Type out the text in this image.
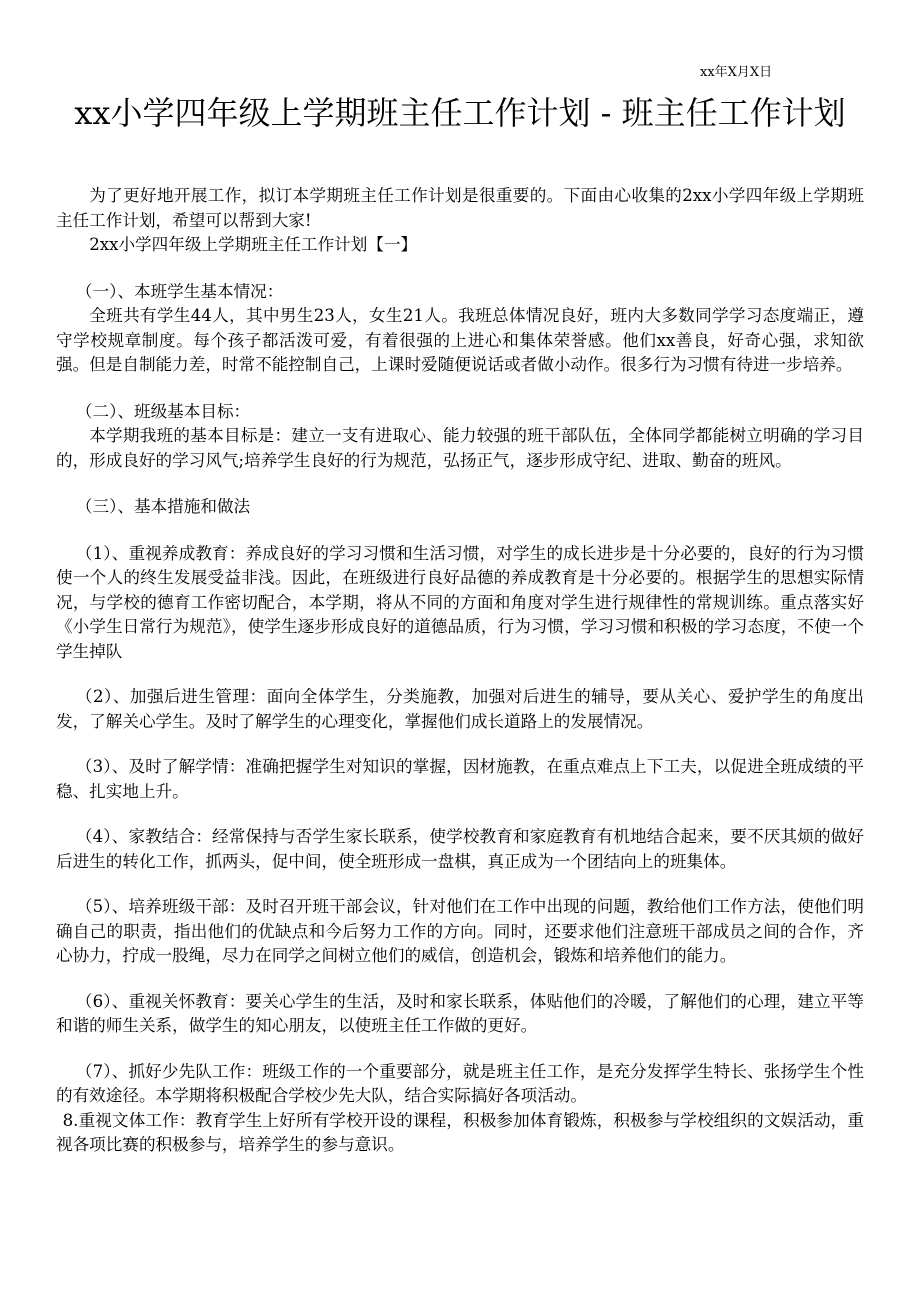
xx年X月X日
xx小学四年级上学期班主任工作计划 - 班主任工作计划

为了更好地开展工作，拟订本学期班主任工作计划是很重要的。下面由心收集的2xx小学四年级上学期班主任工作计划，希望可以帮到大家!

2xx小学四年级上学期班主任工作计划【一】

（一）、本班学生基本情况：

全班共有学生44人，其中男生23人，女生21人。我班总体情况良好，班内大多数同学学习态度端正，遵守学校规章制度。每个孩子都活泼可爱，有着很强的上进心和集体荣誉感。他们xx善良，好奇心强，求知欲强。但是自制能力差，时常不能控制自己，上课时爱随便说话或者做小动作。很多行为习惯有待进一步培养。

（二）、班级基本目标：

本学期我班的基本目标是：建立一支有进取心、能力较强的班干部队伍，全体同学都能树立明确的学习目的，形成良好的学习风气;培养学生良好的行为规范，弘扬正气，逐步形成守纪、进取、勤奋的班风。

（三）、基本措施和做法

（1）、重视养成教育：养成良好的学习习惯和生活习惯，对学生的成长进步是十分必要的，良好的行为习惯使一个人的终生发展受益非浅。因此，在班级进行良好品德的养成教育是十分必要的。根据学生的思想实际情况，与学校的德育工作密切配合，本学期，将从不同的方面和角度对学生进行规律性的常规训练。重点落实好《小学生日常行为规范》，使学生逐步形成良好的道德品质，行为习惯，学习习惯和积极的学习态度，不使一个学生掉队

（2）、加强后进生管理：面向全体学生，分类施教，加强对后进生的辅导，要从关心、爱护学生的角度出发，了解关心学生。及时了解学生的心理变化，掌握他们成长道路上的发展情况。

（3）、及时了解学情：准确把握学生对知识的掌握，因材施教，在重点难点上下工夫，以促进全班成绩的平稳、扎实地上升。

（4）、家教结合：经常保持与否学生家长联系，使学校教育和家庭教育有机地结合起来，要不厌其烦的做好后进生的转化工作，抓两头，促中间，使全班形成一盘棋，真正成为一个团结向上的班集体。

（5）、培养班级干部：及时召开班干部会议，针对他们在工作中出现的问题，教给他们工作方法，使他们明确自己的职责，指出他们的优缺点和今后努力工作的方向。同时，还要求他们注意班干部成员之间的合作，齐心协力，拧成一股绳，尽力在同学之间树立他们的威信，创造机会，锻炼和培养他们的能力。

（6）、重视关怀教育：要关心学生的生活，及时和家长联系，体贴他们的冷暖，了解他们的心理，建立平等和谐的师生关系，做学生的知心朋友，以使班主任工作做的更好。

（7）、抓好少先队工作：班级工作的一个重要部分，就是班主任工作，是充分发挥学生特长、张扬学生个性的有效途径。本学期将积极配合学校少先大队，结合实际搞好各项活动。

8.重视文体工作：教育学生上好所有学校开设的课程，积极参加体育锻炼，积极参与学校组织的文娱活动，重视各项比赛的积极参与，培养学生的参与意识。
